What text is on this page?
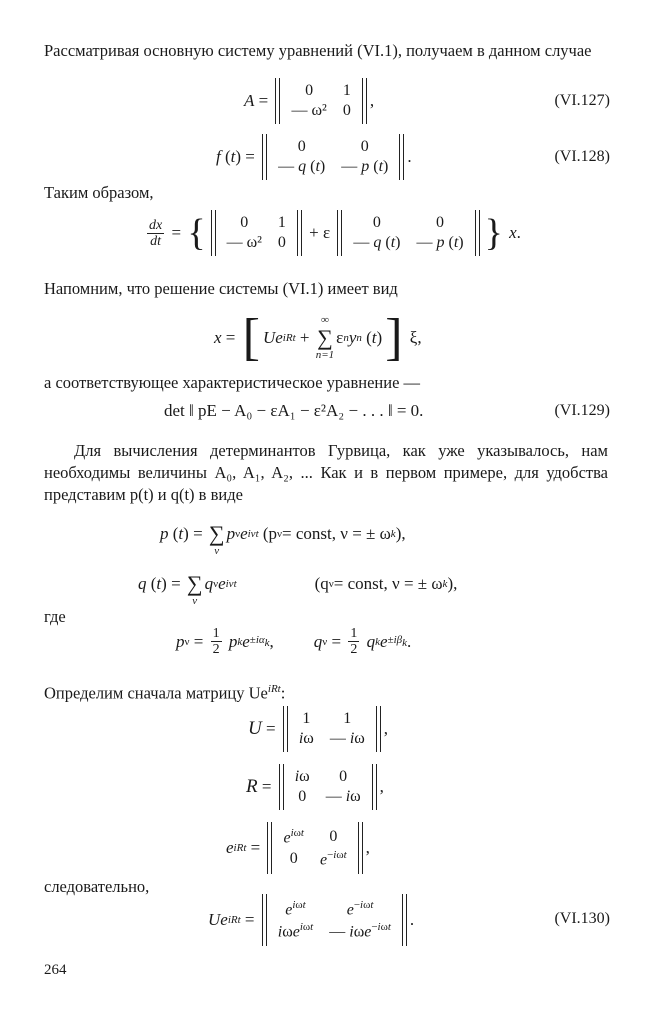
Рассматривая основную систему уравнений (VI.1), получаем в данном случае

A =
0	1
— ω²	0
,	(VI.127)
f ( t ) =
0	0
— q (t)	— p (t)
.	(VI.128)

Таким образом,

$\frac{dx}{dt}$ = { 0	1
— ω²	0
+ ε
0	0
— q (t)	— p (t) }
x .

Напомним, что решение системы (VI.1) имеет вид

x = [ Ue iRt +
∞
∑
n=1
ε n y n ( t ) ] ξ,

а соответствующее характеристическое уравнение —

det ‖ pE − A₀ − εA₁ − ε²A₂ − . . . ‖ = 0.	(VI.129)

Для вычисления детерминантов Гурвица, как уже указывалось, нам необходимы величины A₀, A₁, A₂, ... Как и в первом примере, для удобства представим p(t) и q(t) в виде

p ( t ) =
∑
ν
p ν e iνt
(p ν = const, ν = ± ω k ),
q ( t ) =
∑
ν
q ν e iνt	(q ν = const, ν = ± ω k ),

где

p $\nu = \frac{1}{2}$
p k $e \pm i\alpha_k$ , q $\nu = \frac{1}{2}$
q k $e \pm i\beta_k$ .

Определим сначала матрицу $Ue^{iRt}$:

U =
1	1
iω	— iω
,
R =
iω	0
0	— iω
,
e iRt =
$e^{i\omega t}$	0
0	$e^{-i\omega t}$ ,

следовательно,

Ue iRt =
$e^{i\omega t}$	$e^{-i\omega t}$
iωe$^{i\omega t}$	— iωe$^{-i\omega t}$ .	(VI.130)
264
